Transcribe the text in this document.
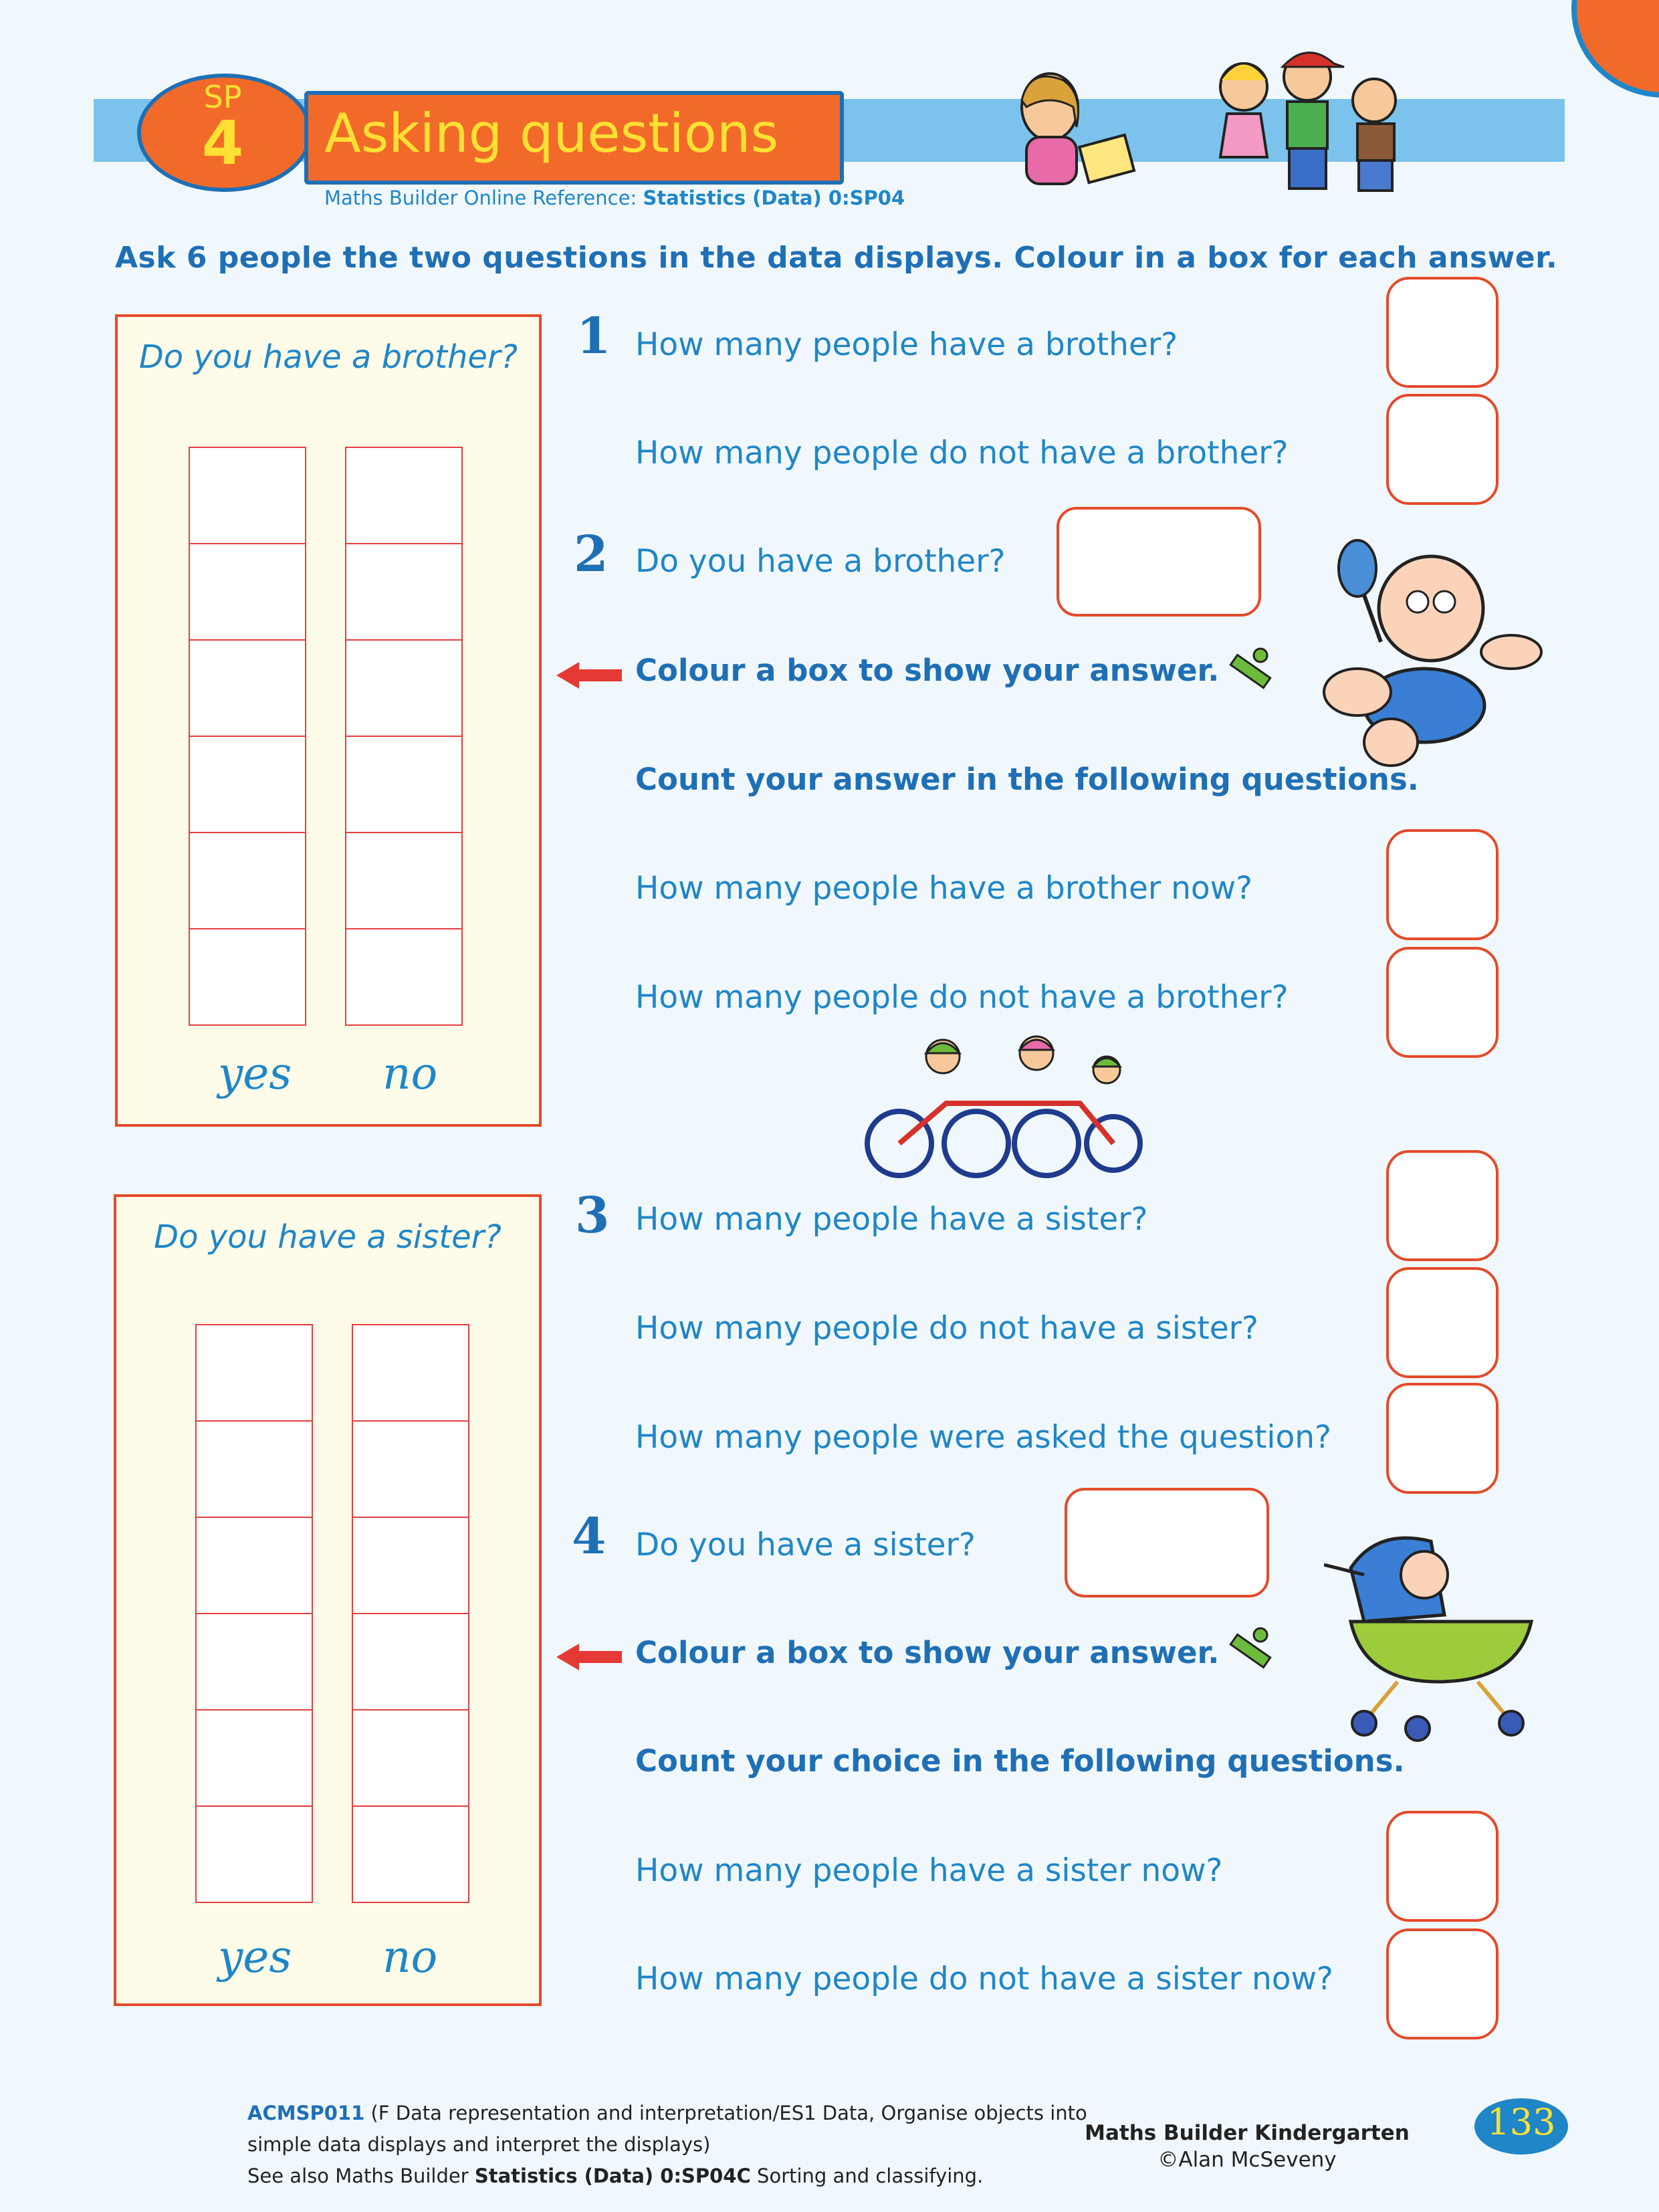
SP
4	Asking questions
Maths Builder Online Reference: Statistics (Data) 0:SP04
Ask 6 people the two questions in the data displays. Colour in a box for each answer.
Do you have a brother?
yes no
Do you have a sister?
yes no
1 How many people have a brother?
How many people do not have a brother?
2 Do you have a brother?
Colour a box to show your answer.
Count your answer in the following questions.
How many people have a brother now?
How many people do not have a brother?
3 How many people have a sister?
How many people do not have a sister?
How many people were asked the question?
4 Do you have a sister?
Colour a box to show your answer.
Count your choice in the following questions.
How many people have a sister now?
How many people do not have a sister now?
ACMSP011 (F Data representation and interpretation/ES1 Data, Organise objects into
simple data displays and interpret the displays)
See also Maths Builder Statistics (Data) 0:SP04C Sorting and classifying.
Maths Builder Kindergarten
©Alan McSeveny
133
